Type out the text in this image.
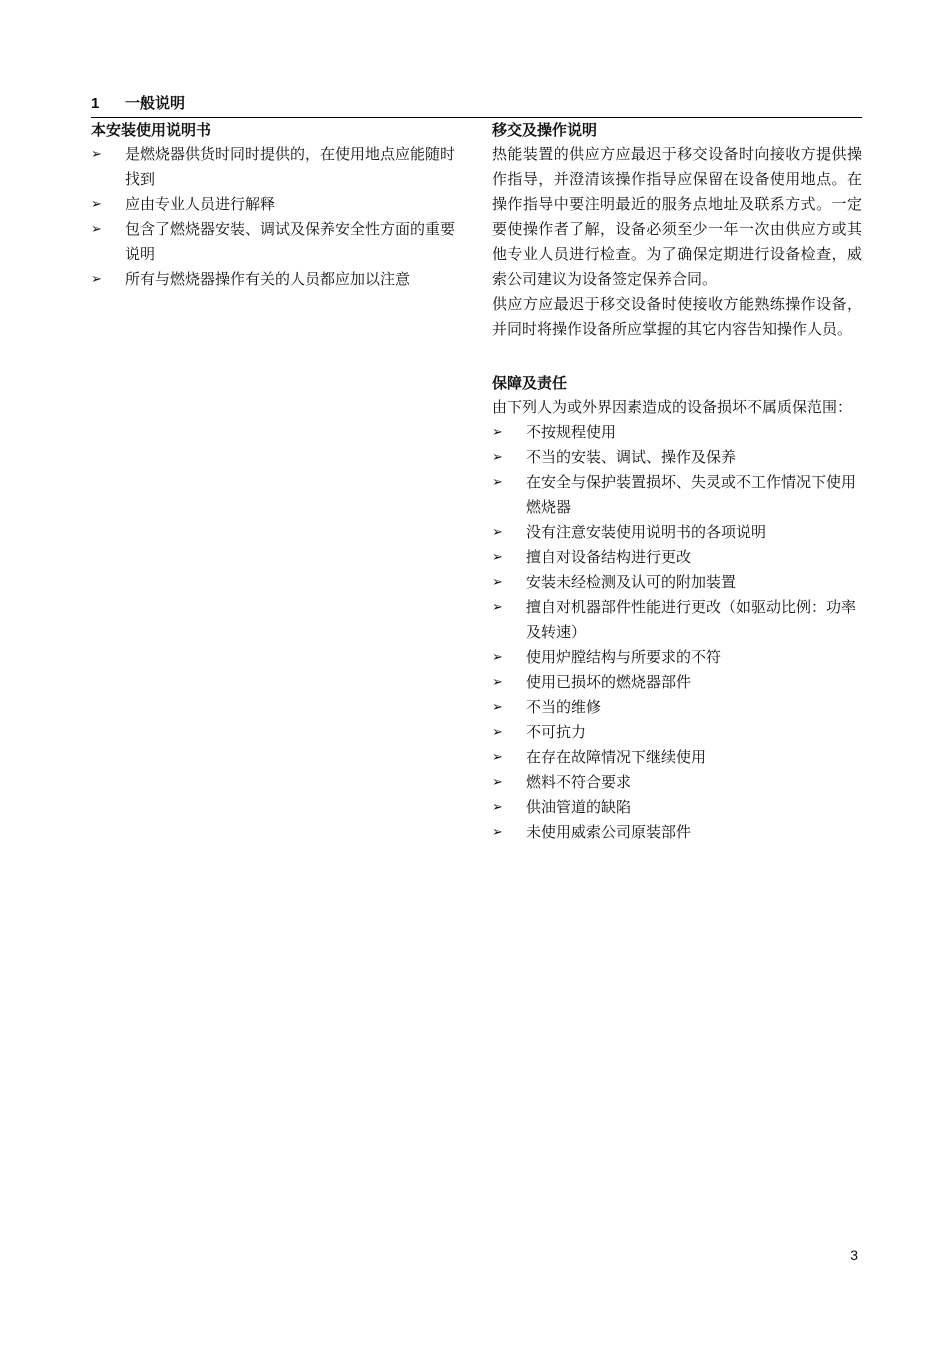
1 一般说明
本安装使用说明书
➢ 是燃烧器供货时同时提供的，在使用地点应能随时找到
➢ 应由专业人员进行解释
➢ 包含了燃烧器安装、调试及保养安全性方面的重要说明
➢ 所有与燃烧器操作有关的人员都应加以注意
移交及操作说明

热能装置的供应方应最迟于移交设备时向接收方提供操作指导，并澄清该操作指导应保留在设备使用地点。在操作指导中要注明最近的服务点地址及联系方式。一定要使操作者了解，设备必须至少一年一次由供应方或其他专业人员进行检查。为了确保定期进行设备检查，威索公司建议为设备签定保养合同。

供应方应最迟于移交设备时使接收方能熟练操作设备，并同时将操作设备所应掌握的其它内容告知操作人员。

保障及责任

由下列人为或外界因素造成的设备损坏不属质保范围：

➢ 不按规程使用
➢ 不当的安装、调试、操作及保养
➢ 在安全与保护装置损坏、失灵或不工作情况下使用燃烧器
➢ 没有注意安装使用说明书的各项说明
➢ 擅自对设备结构进行更改
➢ 安装未经检测及认可的附加装置
➢ 擅自对机器部件性能进行更改（如驱动比例：功率及转速）
➢ 使用炉膛结构与所要求的不符
➢ 使用已损坏的燃烧器部件
➢ 不当的维修
➢ 不可抗力
➢ 在存在故障情况下继续使用
➢ 燃料不符合要求
➢ 供油管道的缺陷
➢ 未使用威索公司原装部件
3
